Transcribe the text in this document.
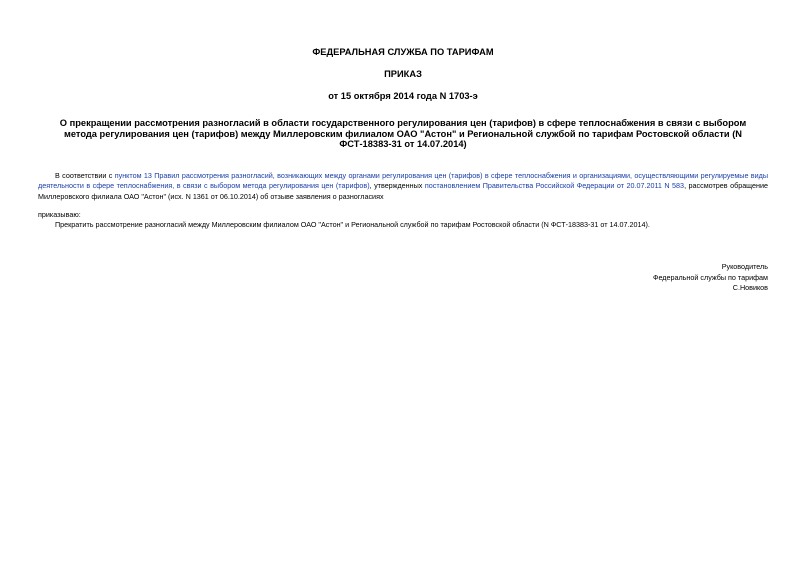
ФЕДЕРАЛЬНАЯ СЛУЖБА ПО ТАРИФАМ
ПРИКАЗ
от 15 октября 2014 года N 1703-э
О прекращении рассмотрения разногласий в области государственного регулирования цен (тарифов) в сфере теплоснабжения в связи с выбором метода регулирования цен (тарифов) между Миллеровским филиалом ОАО "Астон" и Региональной службой по тарифам Ростовской области (N ФСТ-18383-31 от 14.07.2014)

В соответствии с пунктом 13 Правил рассмотрения разногласий, возникающих между органами регулирования цен (тарифов) в сфере теплоснабжения и организациями, осуществляющими регулируемые виды деятельности в сфере теплоснабжения, в связи с выбором метода регулирования цен (тарифов), утвержденных постановлением Правительства Российской Федерации от 20.07.2011 N 583, рассмотрев обращение Миллеровского филиала ОАО "Астон" (исх. N 1361 от 06.10.2014) об отзыве заявления о разногласиях

приказываю:

Прекратить рассмотрение разногласий между Миллеровским филиалом ОАО "Астон" и Региональной службой по тарифам Ростовской области (N ФСТ-18383-31 от 14.07.2014).

Руководитель
Федеральной службы по тарифам
С.Новиков
